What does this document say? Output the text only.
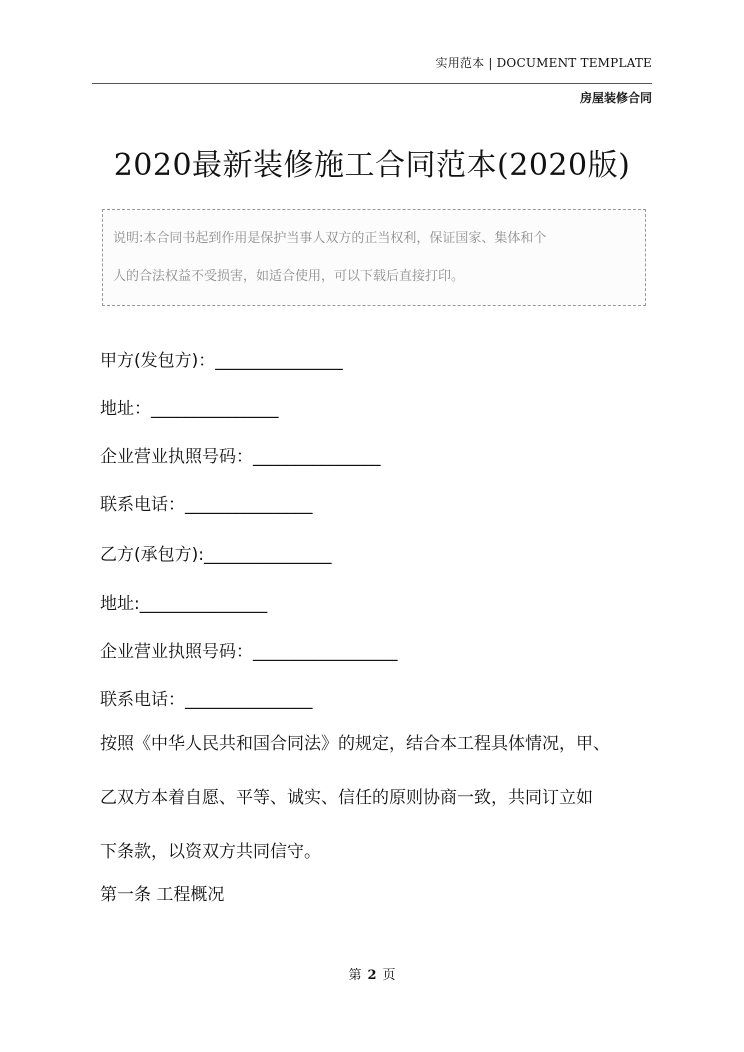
实用范本 | DOCUMENT TEMPLATE
房屋装修合同
2020最新装修施工合同范本(2020版)
说明:本合同书起到作用是保护当事人双方的正当权利，保证国家、集体和个
人的合法权益不受损害，如适合使用，可以下载后直接打印。
甲方(发包方)：_______________
地址：_______________
企业营业执照号码：_______________
联系电话：_______________
乙方(承包方):_______________
地址:_______________
企业营业执照号码：_________________
联系电话：_______________
按照《中华人民共和国合同法》的规定，结合本工程具体情况，甲、
乙双方本着自愿、平等、诚实、信任的原则协商一致，共同订立如
下条款，以资双方共同信守。
第一条 工程概况
第 2 页
